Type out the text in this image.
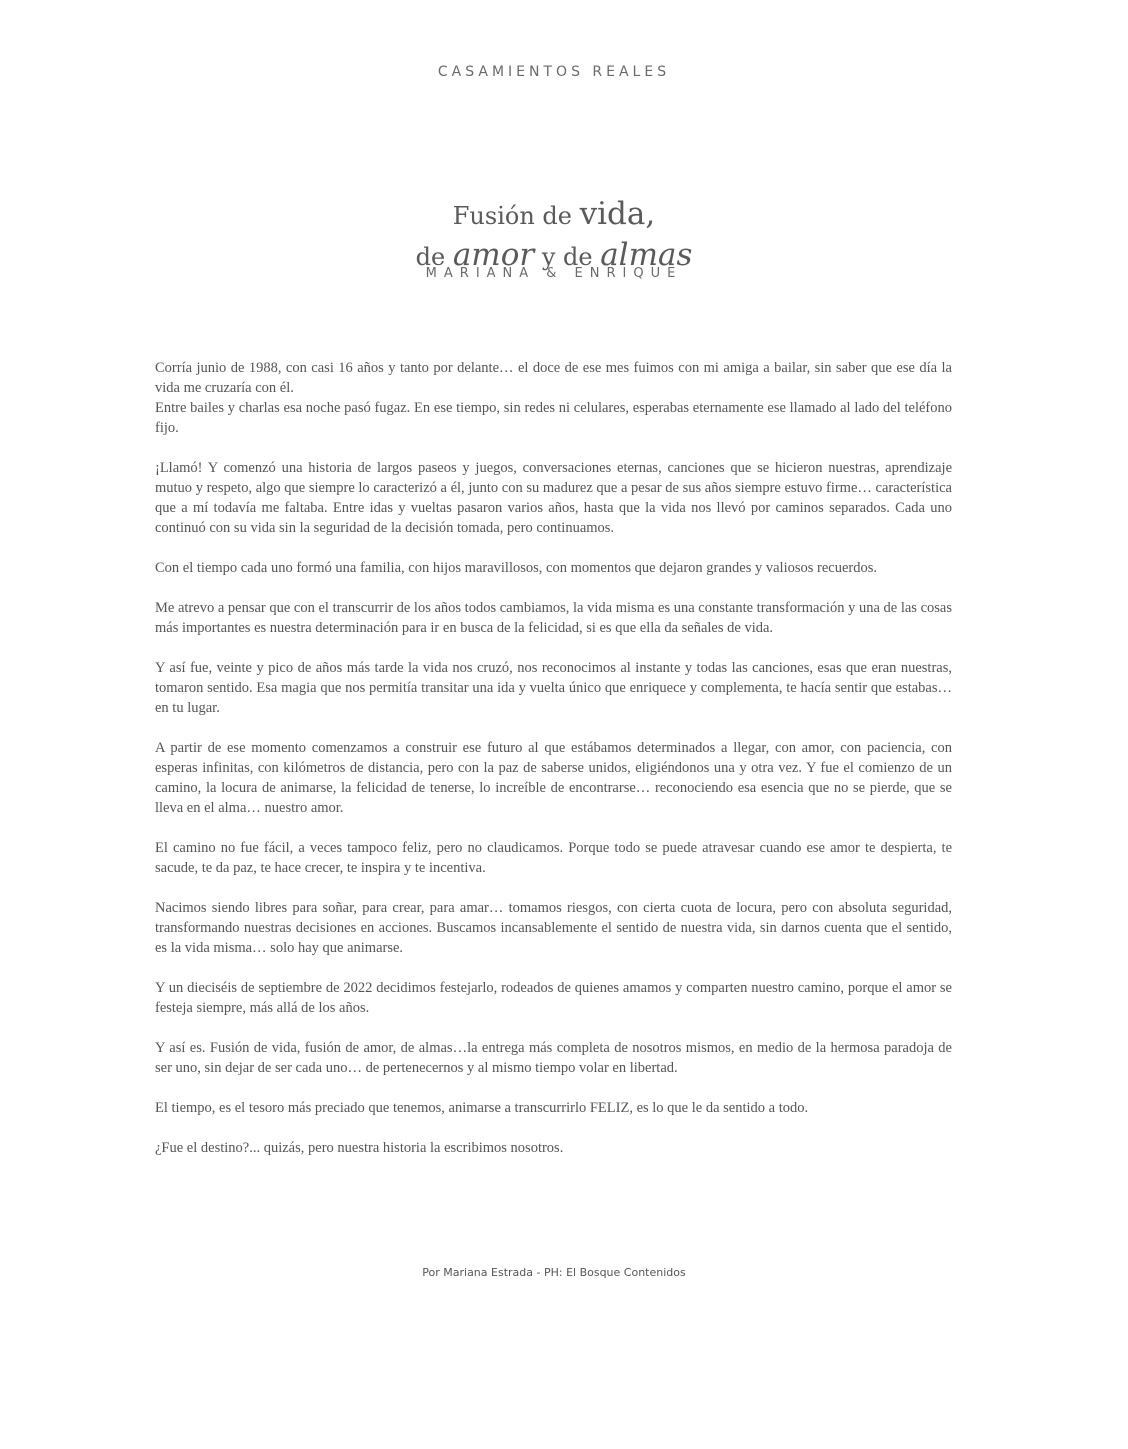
CASAMIENTOS REALES
Fusión de vida,
de amor y de almas
MARIANA & ENRIQUE

Corría junio de 1988, con casi 16 años y tanto por delante… el doce de ese mes fuimos con mi amiga a bailar, sin saber que ese día la vida me cruzaría con él.

Entre bailes y charlas esa noche pasó fugaz. En ese tiempo, sin redes ni celulares, esperabas eternamente ese llamado al lado del teléfono fijo.

¡Llamó! Y comenzó una historia de largos paseos y juegos, conversaciones eternas, canciones que se hicieron nuestras, aprendizaje mutuo y respeto, algo que siempre lo caracterizó a él, junto con su madurez que a pesar de sus años siempre estuvo firme… característica que a mí todavía me faltaba. Entre idas y vueltas pasaron varios años, hasta que la vida nos llevó por caminos separados. Cada uno continuó con su vida sin la seguridad de la decisión tomada, pero continuamos.

Con el tiempo cada uno formó una familia, con hijos maravillosos, con momentos que dejaron grandes y valiosos recuerdos.

Me atrevo a pensar que con el transcurrir de los años todos cambiamos, la vida misma es una constante transformación y una de las cosas más importantes es nuestra determinación para ir en busca de la felicidad, si es que ella da señales de vida.

Y así fue, veinte y pico de años más tarde la vida nos cruzó, nos reconocimos al instante y todas las canciones, esas que eran nuestras, tomaron sentido. Esa magia que nos permitía transitar una ida y vuelta único que enriquece y complementa, te hacía sentir que estabas… en tu lugar.

A partir de ese momento comenzamos a construir ese futuro al que estábamos determinados a llegar, con amor, con paciencia, con esperas infinitas, con kilómetros de distancia, pero con la paz de saberse unidos, eligiéndonos una y otra vez. Y fue el comienzo de un camino, la locura de animarse, la felicidad de tenerse, lo increíble de encontrarse… reconociendo esa esencia que no se pierde, que se lleva en el alma… nuestro amor.

El camino no fue fácil, a veces tampoco feliz, pero no claudicamos. Porque todo se puede atravesar cuando ese amor te despierta, te sacude, te da paz, te hace crecer, te inspira y te incentiva.

Nacimos siendo libres para soñar, para crear, para amar… tomamos riesgos, con cierta cuota de locura, pero con absoluta seguridad, transformando nuestras decisiones en acciones. Buscamos incansablemente el sentido de nuestra vida, sin darnos cuenta que el sentido, es la vida misma… solo hay que animarse.

Y un dieciséis de septiembre de 2022 decidimos festejarlo, rodeados de quienes amamos y comparten nuestro camino, porque el amor se festeja siempre, más allá de los años.

Y así es. Fusión de vida, fusión de amor, de almas…la entrega más completa de nosotros mismos, en medio de la hermosa paradoja de ser uno, sin dejar de ser cada uno… de pertenecernos y al mismo tiempo volar en libertad.

El tiempo, es el tesoro más preciado que tenemos, animarse a transcurrirlo FELIZ, es lo que le da sentido a todo.

¿Fue el destino?... quizás, pero nuestra historia la escribimos nosotros.

Por Mariana Estrada - PH: El Bosque Contenidos
